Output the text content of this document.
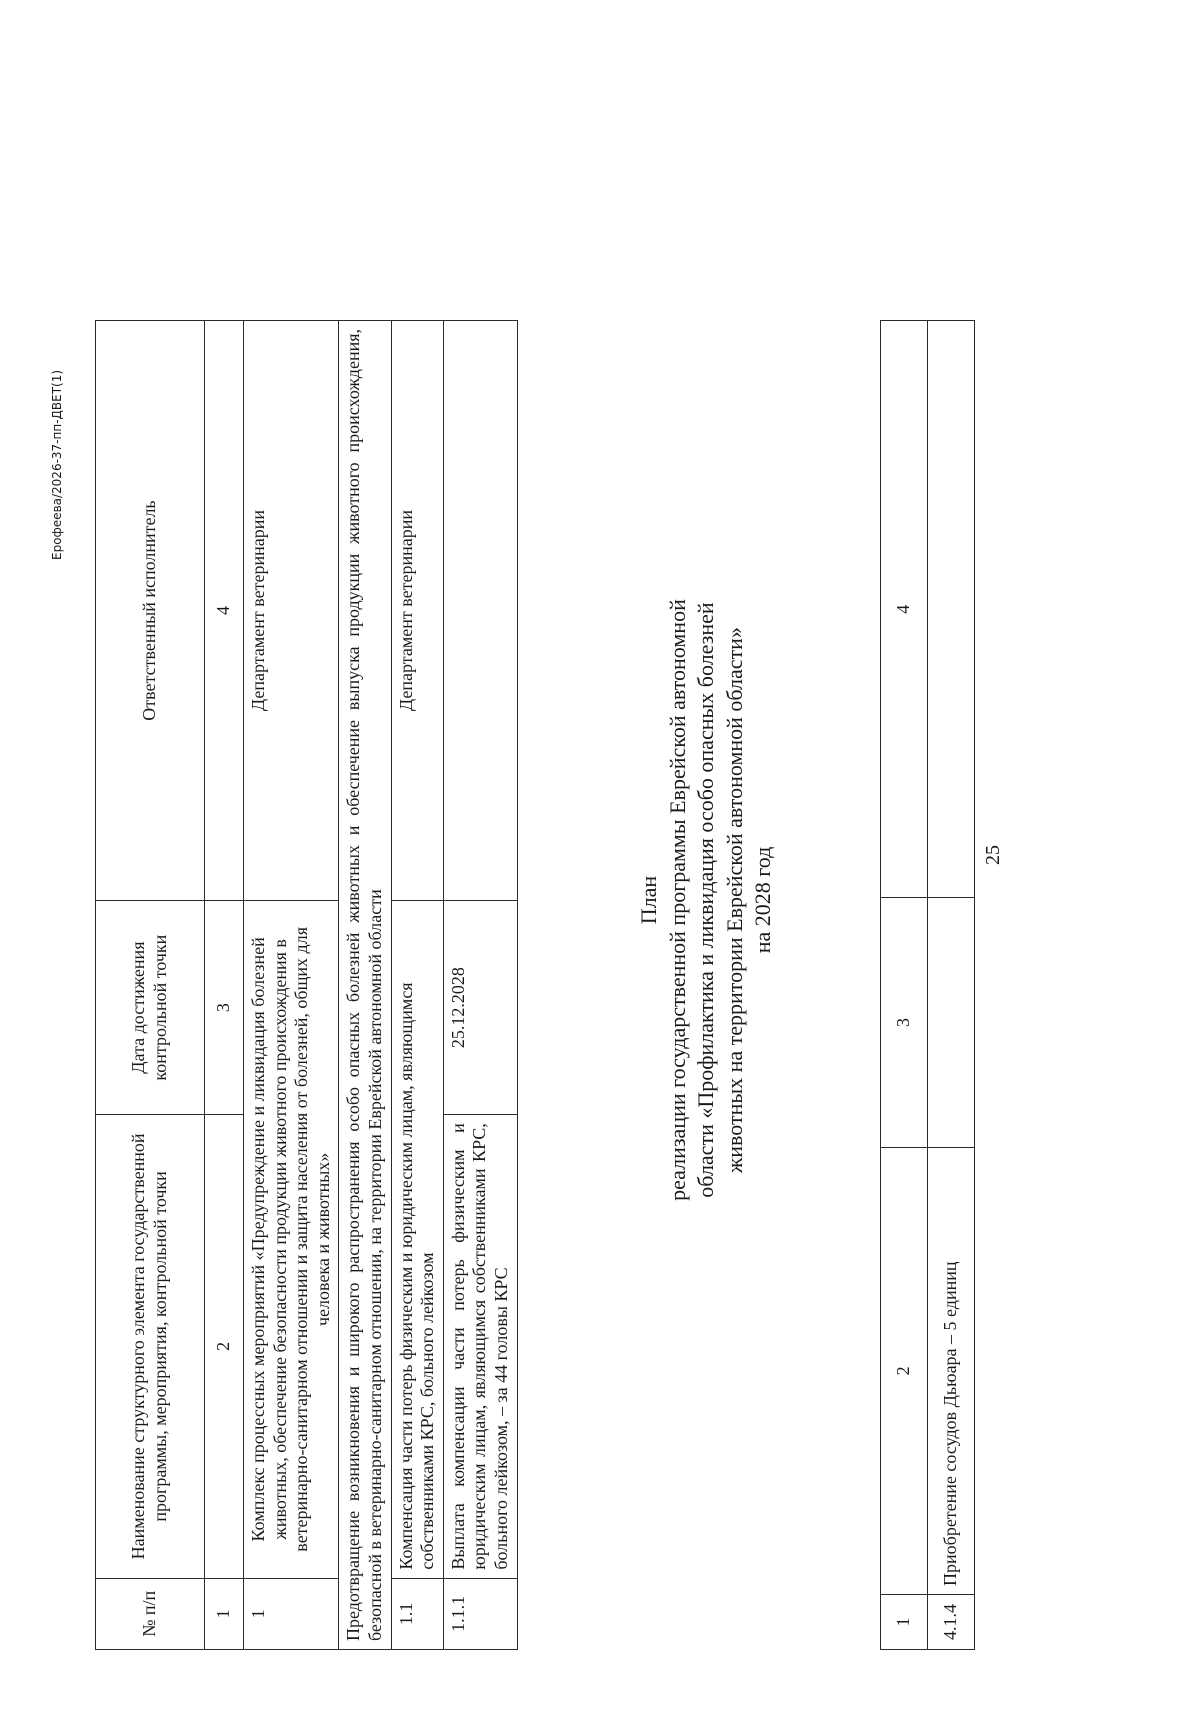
25
1	2	3	4
4.1.4	Приобретение сосудов Дьюара – 5 единиц		
План реализации государственной программы Еврейской автономной области «Профилактика и ликвидация особо опасных болезней животных на территории Еврейской автономной области» на 2028 год
№ п/п	Наименование структурного элемента государственной программы, мероприятия, контрольной точки	Дата достижения контрольной точки	Ответственный исполнитель
1	2	3	4
1	Комплекс процессных мероприятий «Предупреждение и ликвидация болезней животных, обеспечение безопасности продукции животного происхождения в ветеринарно-санитарном отношении и защита населения от болезней, общих для человека и животных»		Департамент ветеринарии
Предотвращение возникновения и широкого распространения особо опасных болезней животных и обеспечение выпуска продукции животного происхождения, безопасной в ветеринарно-санитарном отношении, на территории Еврейской автономной области			
1.1	Компенсация части потерь физическим и юридическим лицам, являющимся собственниками КРС, больного лейкозом		Департамент ветеринарии
1.1.1	Выплата компенсации части потерь физическим и юридическим лицам, являющимся собственниками КРС, больного лейкозом, – за 44 головы КРС	25.12.2028	
Ерофеева/2026-37-пп-ДВЕТ(1)
